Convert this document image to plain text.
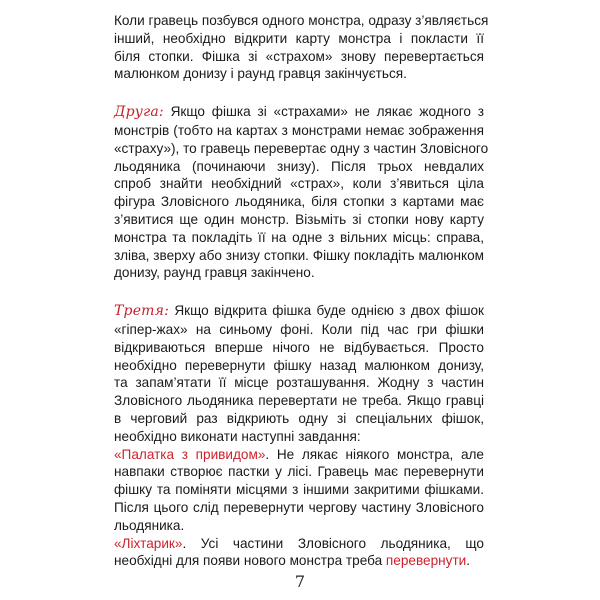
Коли гравець позбувся одного монстра, одразу з’являється
інший, необхідно відкрити карту монстра і покласти її
біля стопки. Фішка зі «страхом» знову перевертається
малюнком донизу і раунд гравця закінчується.
Друга: Якщо фішка зі «страхами» не лякає жодного з
монстрів (тобто на картах з монстрами немає зображення
«страху»), то гравець перевертає одну з частин Зловісного
льодяника (починаючи знизу). Після трьох невдалих
спроб знайти необхідний «страх», коли з’явиться ціла
фігура Зловісного льодяника, біля стопки з картами має
з’явитися ще один монстр. Візьміть зі стопки нову карту
монстра та покладіть її на одне з вільних місць: справа,
зліва, зверху або знизу стопки. Фішку покладіть малюнком
донизу, раунд гравця закінчено.
Третя: Якщо відкрита фішка буде однією з двох фішок
«гіпер-жах» на синьому фоні. Коли під час гри фішки
відкриваються вперше нічого не відбувається. Просто
необхідно перевернути фішку назад малюнком донизу,
та запам’ятати її місце розташування. Жодну з частин
Зловісного льодяника перевертати не треба. Якщо гравці
в черговий раз відкриють одну зі спеціальних фішок,
необхідно виконати наступні завдання:
«Палатка з привидом». Не лякає ніякого монстра, але
навпаки створює пастки у лісі. Гравець має перевернути
фішку та поміняти місцями з іншими закритими фішками.
Після цього слід перевернути чергову частину Зловісного
льодяника.
«Ліхтарик». Усі частини Зловісного льодяника, що
необхідні для появи нового монстра треба перевернути.
7
